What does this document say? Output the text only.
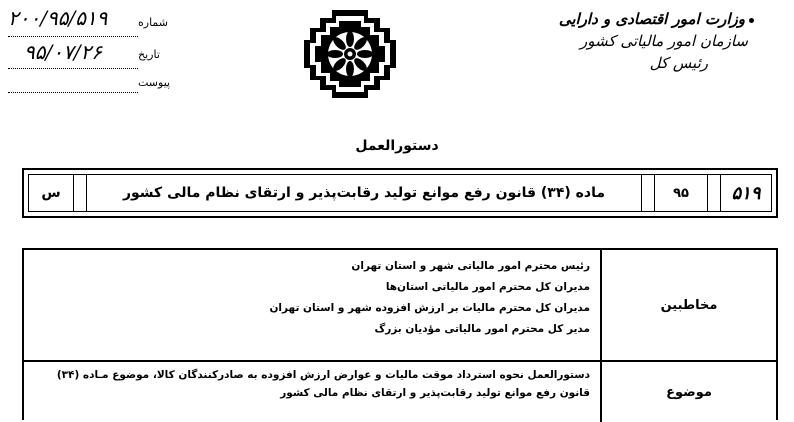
۲۰۰/۹۵/۵۱۹	شماره
۹۵/۰۷/۲۶	تاریخ
پیوست
وزارت امور اقتصادی و دارایی
سازمان امور مالیاتی کشور
رئیس کل
دستورالعمل
۵۱۹
۹۵
ماده (۳۴) قانون رفع موانع تولید رقابت‌پذیر و ارتقای نظام مالی کشور
س
مخاطبین
رئیس محترم امور مالیاتی شهر و استان تهران
مدیران کل محترم امور مالیاتی استان‌ها
مدیران کل محترم مالیات بر ارزش افزوده شهر و استان تهران
مدیر کل محترم امور مالیاتی مؤدیان بزرگ
موضوع
دستورالعمل نحوه استرداد موقت مالیات و عوارض ارزش افزوده به صادرکنندگان کالا، موضوع مـاده (۳۴)
قانون رفع موانع تولید رقابت‌پذیر و ارتقای نظام مالی کشور
